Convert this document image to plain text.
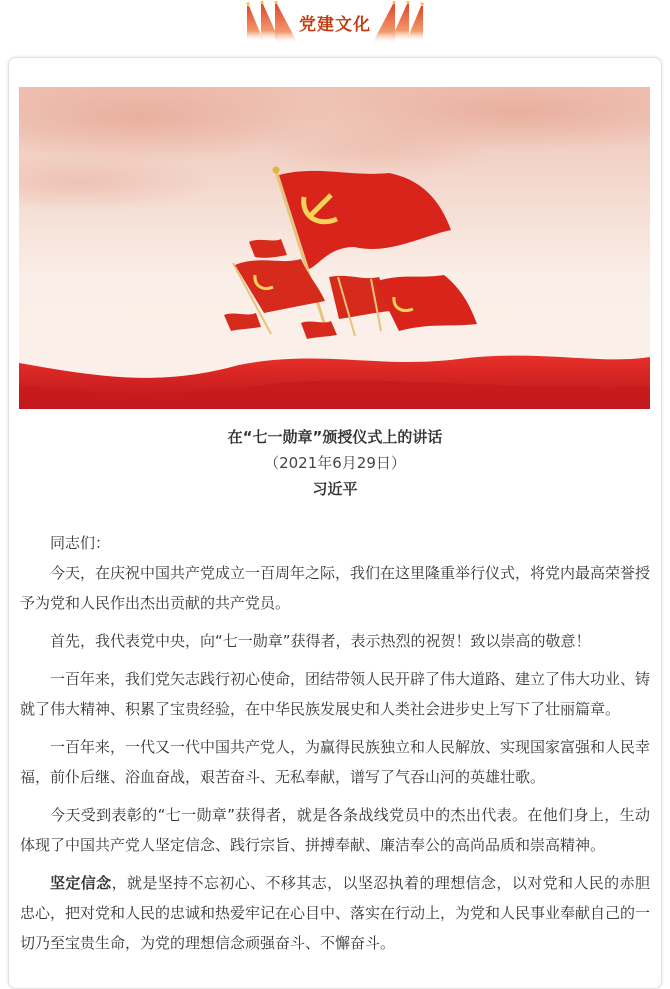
党建文化
在“七一勋章”颁授仪式上的讲话
（2021年6月29日）
习近平

同志们：

今天，在庆祝中国共产党成立一百周年之际，我们在这里隆重举行仪式，将党内最高荣誉授予为党和人民作出杰出贡献的共产党员。

首先，我代表党中央，向“七一勋章”获得者，表示热烈的祝贺！致以崇高的敬意！

一百年来，我们党矢志践行初心使命，团结带领人民开辟了伟大道路、建立了伟大功业、铸就了伟大精神、积累了宝贵经验，在中华民族发展史和人类社会进步史上写下了壮丽篇章。

一百年来，一代又一代中国共产党人，为赢得民族独立和人民解放、实现国家富强和人民幸福，前仆后继、浴血奋战，艰苦奋斗、无私奉献，谱写了气吞山河的英雄壮歌。

今天受到表彰的“七一勋章”获得者，就是各条战线党员中的杰出代表。在他们身上，生动体现了中国共产党人坚定信念、践行宗旨、拼搏奉献、廉洁奉公的高尚品质和崇高精神。

坚定信念，就是坚持不忘初心、不移其志，以坚忍执着的理想信念，以对党和人民的赤胆忠心，把对党和人民的忠诚和热爱牢记在心目中、落实在行动上，为党和人民事业奉献自己的一切乃至宝贵生命，为党的理想信念顽强奋斗、不懈奋斗。
